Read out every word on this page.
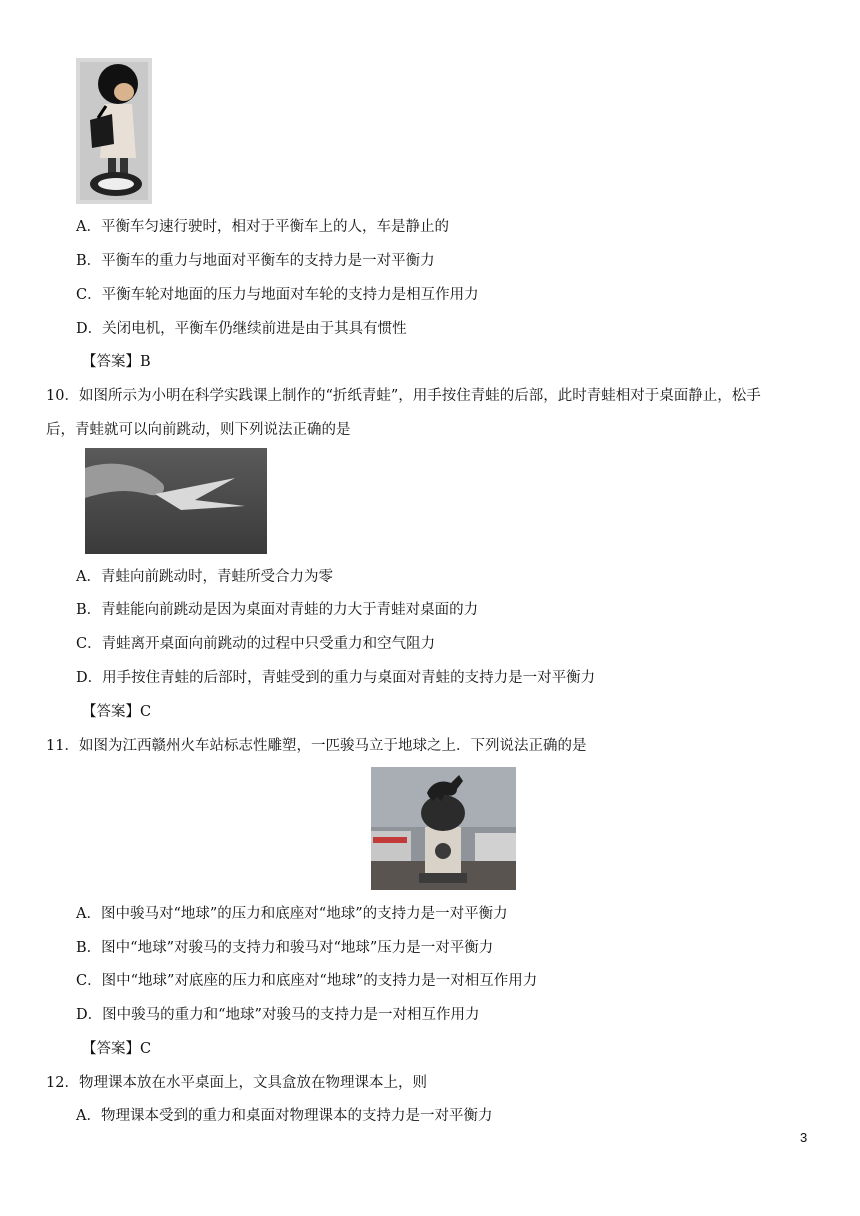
A．平衡车匀速行驶时，相对于平衡车上的人，车是静止的
B．平衡车的重力与地面对平衡车的支持力是一对平衡力
C．平衡车轮对地面的压力与地面对车轮的支持力是相互作用力
D．关闭电机，平衡车仍继续前进是由于其具有惯性
【答案】B
10．如图所示为小明在科学实践课上制作的“折纸青蛙”，用手按住青蛙的后部，此时青蛙相对于桌面静止，松手
后，青蛙就可以向前跳动，则下列说法正确的是
A．青蛙向前跳动时，青蛙所受合力为零
B．青蛙能向前跳动是因为桌面对青蛙的力大于青蛙对桌面的力
C．青蛙离开桌面向前跳动的过程中只受重力和空气阻力
D．用手按住青蛙的后部时，青蛙受到的重力与桌面对青蛙的支持力是一对平衡力
【答案】C
11．如图为江西赣州火车站标志性雕塑，一匹骏马立于地球之上．下列说法正确的是
A．图中骏马对“地球”的压力和底座对“地球”的支持力是一对平衡力
B．图中“地球”对骏马的支持力和骏马对“地球”压力是一对平衡力
C．图中“地球”对底座的压力和底座对“地球”的支持力是一对相互作用力
D．图中骏马的重力和“地球”对骏马的支持力是一对相互作用力
【答案】C
12．物理课本放在水平桌面上，文具盒放在物理课本上，则
A．物理课本受到的重力和桌面对物理课本的支持力是一对平衡力
3
